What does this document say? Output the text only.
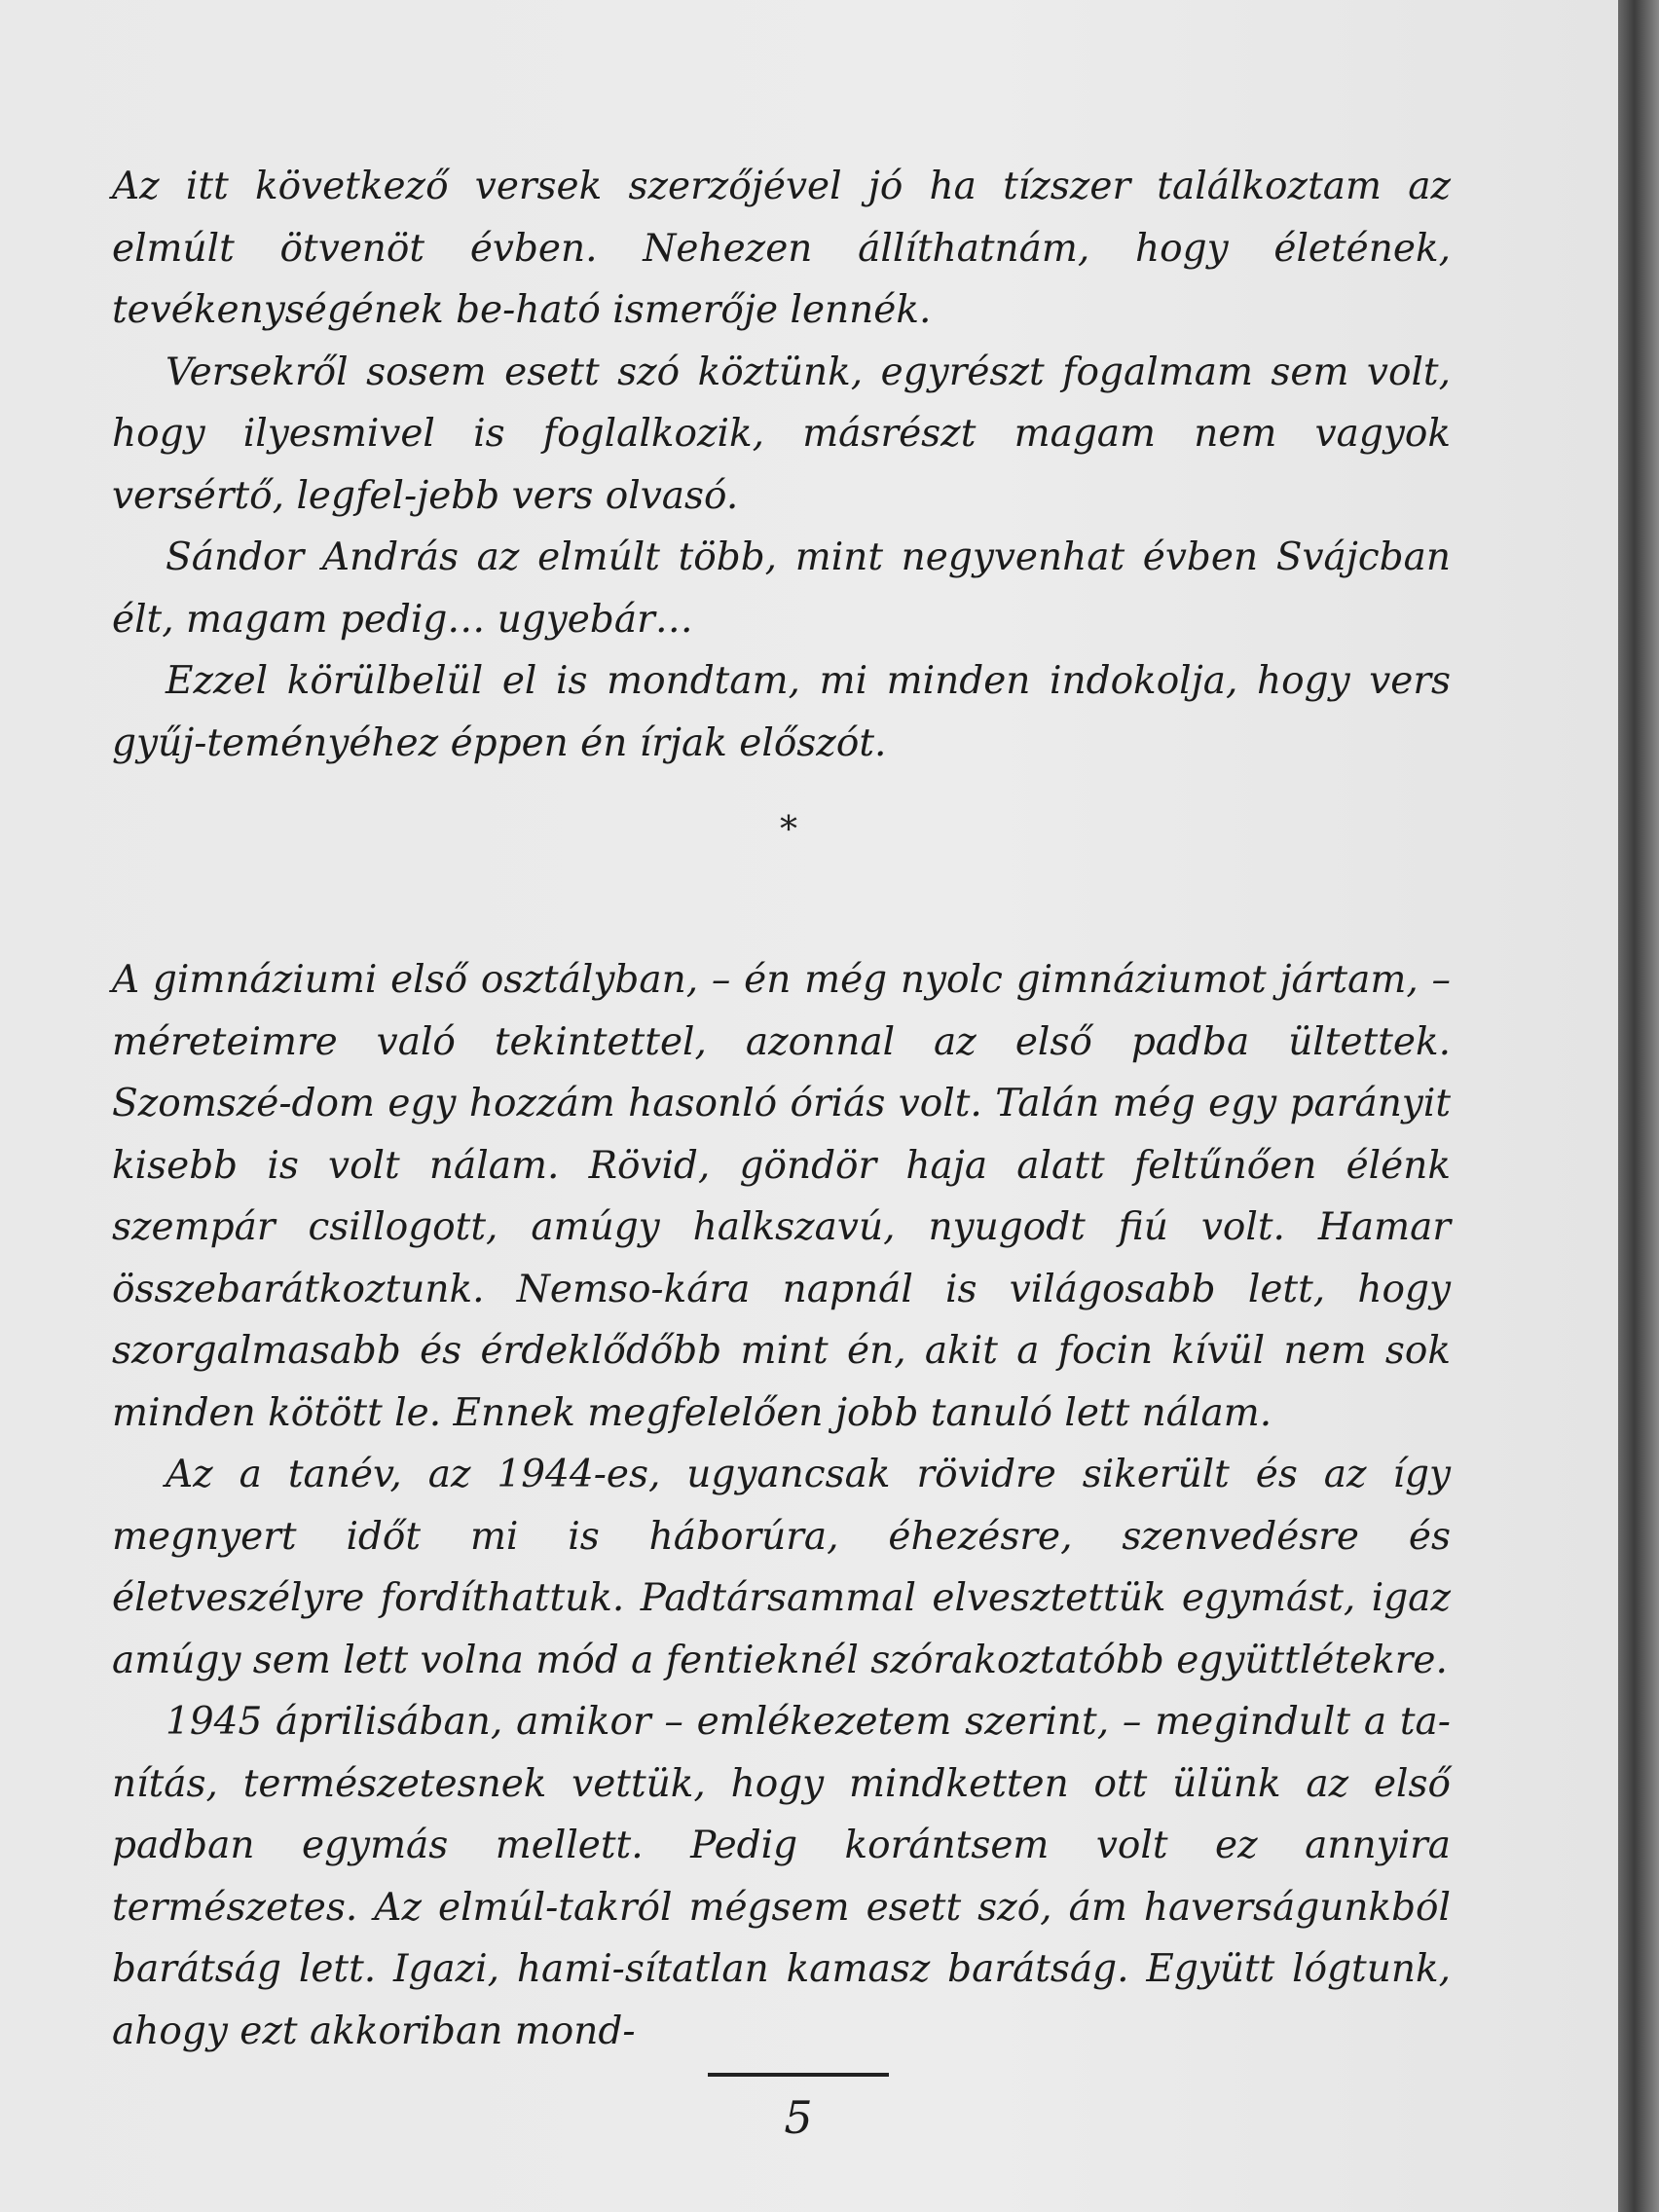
Az itt következő versek szerzőjével jó ha tízszer találkoztam az elmúlt ötvenöt évben. Nehezen állíthatnám, hogy életének, tevékenységének be-ható ismerője lennék.

Versekről sosem esett szó köztünk, egyrészt fogalmam sem volt, hogy ilyesmivel is foglalkozik, másrészt magam nem vagyok versértő, legfel-jebb vers olvasó.

Sándor András az elmúlt több, mint negyvenhat évben Svájcban élt, magam pedig… ugyebár…

Ezzel körülbelül el is mondtam, mi minden indokolja, hogy vers gyűj-teményéhez éppen én írjak előszót.

*

A gimnáziumi első osztályban, – én még nyolc gimnáziumot jártam, – méreteimre való tekintettel, azonnal az első padba ültettek. Szomszé-dom egy hozzám hasonló óriás volt. Talán még egy parányit kisebb is volt nálam. Rövid, göndör haja alatt feltűnően élénk szempár csillogott, amúgy halkszavú, nyugodt fiú volt. Hamar összebarátkoztunk. Nemso-kára napnál is világosabb lett, hogy szorgalmasabb és érdeklődőbb mint én, akit a focin kívül nem sok minden kötött le. Ennek megfelelően jobb tanuló lett nálam.

Az a tanév, az 1944-es, ugyancsak rövidre sikerült és az így megnyert időt mi is háborúra, éhezésre, szenvedésre és életveszélyre fordíthattuk. Padtársammal elvesztettük egymást, igaz amúgy sem lett volna mód a fentieknél szórakoztatóbb együttlétekre.

1945 áprilisában, amikor – emlékezetem szerint, – megindult a ta-nítás, természetesnek vettük, hogy mindketten ott ülünk az első padban egymás mellett. Pedig korántsem volt ez annyira természetes. Az elmúl-takról mégsem esett szó, ám haverságunkból barátság lett. Igazi, hami-sítatlan kamasz barátság. Együtt lógtunk, ahogy ezt akkoriban mond-

5
